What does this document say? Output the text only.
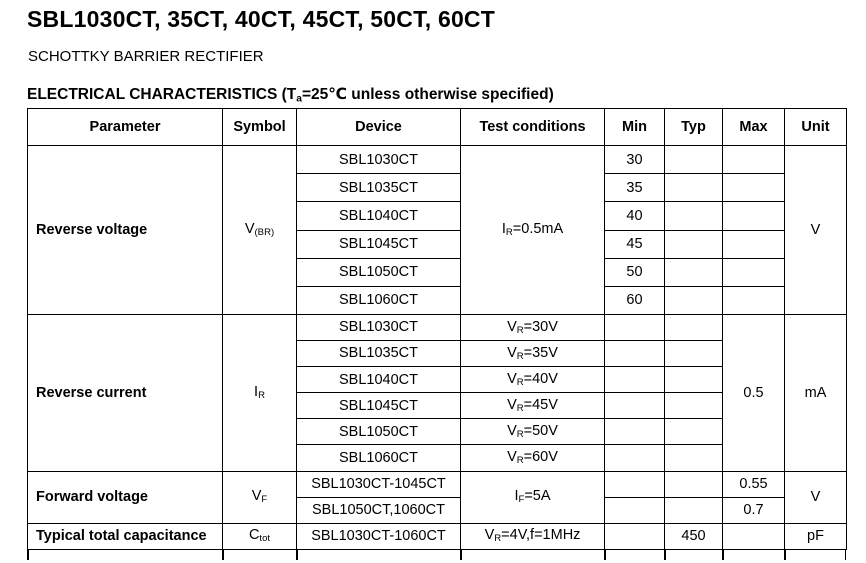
SBL1030CT, 35CT, 40CT, 45CT, 50CT, 60CT
SCHOTTKY BARRIER RECTIFIER
ELECTRICAL CHARACTERISTICS ($T_a=25℃$ unless otherwise specified)
Parameter	Symbol	Device	Test conditions	Min	Typ	Max	Unit
Reverse voltage	$V_{(BR)}$	SBL1030CT	$I_R=0.5mA$	30			V
		SBL1035CT		35			
		SBL1040CT		40			
		SBL1045CT		45			
		SBL1050CT		50			
		SBL1060CT		60			
Reverse current	$I_R$	SBL1030CT	$V_R=30V$			0.5	mA
		SBL1035CT	$V_R=35V$				
		SBL1040CT	$V_R=40V$				
		SBL1045CT	$V_R=45V$				
		SBL1050CT	$V_R=50V$				
		SBL1060CT	$V_R=60V$				
Forward voltage	$V_F$	SBL1030CT-1045CT	$I_F=5A$			0.55	V
		SBL1050CT,1060CT				0.7	
Typical total capacitance	$C_{tot}$	SBL1030CT-1060CT	$V_R=4V,f=1MHz$		450		pF
